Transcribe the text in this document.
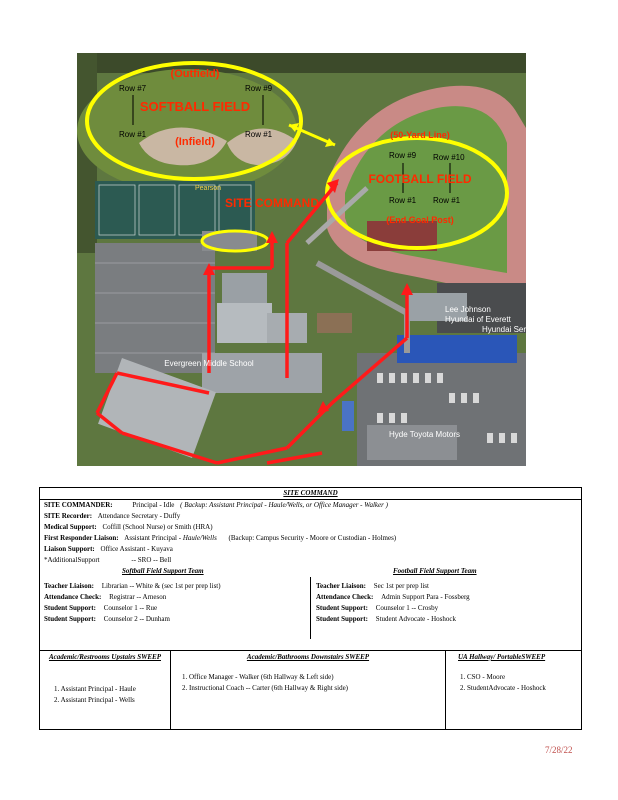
(Outfield)
SOFTBALL FIELD
(Infield)
Row #7	Row #9
Row #1	Row #1	(50-Yard Line)
FOOTBALL FIELD
(End Goal Post)
Row #9 Row #10
Row #1 Row #1
SITE COMMAND
Pearson
Evergreen Middle School
Lee Johnson
Hyundai of Everett
Hyundai Service
Hyde Toyota Motors
SITE COMMAND
SITE COMMANDER:	Principal - Idle ( Backup: Assistant Principal - Haule/Wells, or Office Manager - Walker )
SITE Recorder: Attendance Secretary - Duffy
Medical Support: Coffill (School Nurse) or Smith (HRA)
First Responder Liaison: Assistant Principal - Haule/Wells (Backup: Campus Security - Moore or Custodian - Holmes)
Liaison Support: Office Assistant - Kuyava
*AdditionalSupport	-- SRO -- Bell
Softball Field Support Team	Football Field Support Team
Teacher Liaison: Librarian -- White & (sec 1st per prep list)
Attendance Check: Registrar -- Arneson
Student Support: Counselor 1 -- Rue
Student Support: Counselor 2 -- Dunham
Teacher Liaison: Sec 1st per prep list
Attendance Check: Admin Support Para - Fossberg
Student Support: Counselor 1 -- Crosby
Student Support: Student Advocate - Hoshock
Academic/Restrooms Upstairs SWEEP
1. Assistant Principal - Haule
2. Assistant Principal - Wells
Academic/Bathrooms Downstairs SWEEP
1. Office Manager - Walker (6th Hallway & Left side)
2. Instructional Coach -- Carter (6th Hallway & Right side)
UA Hallway/ PortableSWEEP
1. CSO - Moore
2. StudentAdvocate - Hoshock
7/28/22
